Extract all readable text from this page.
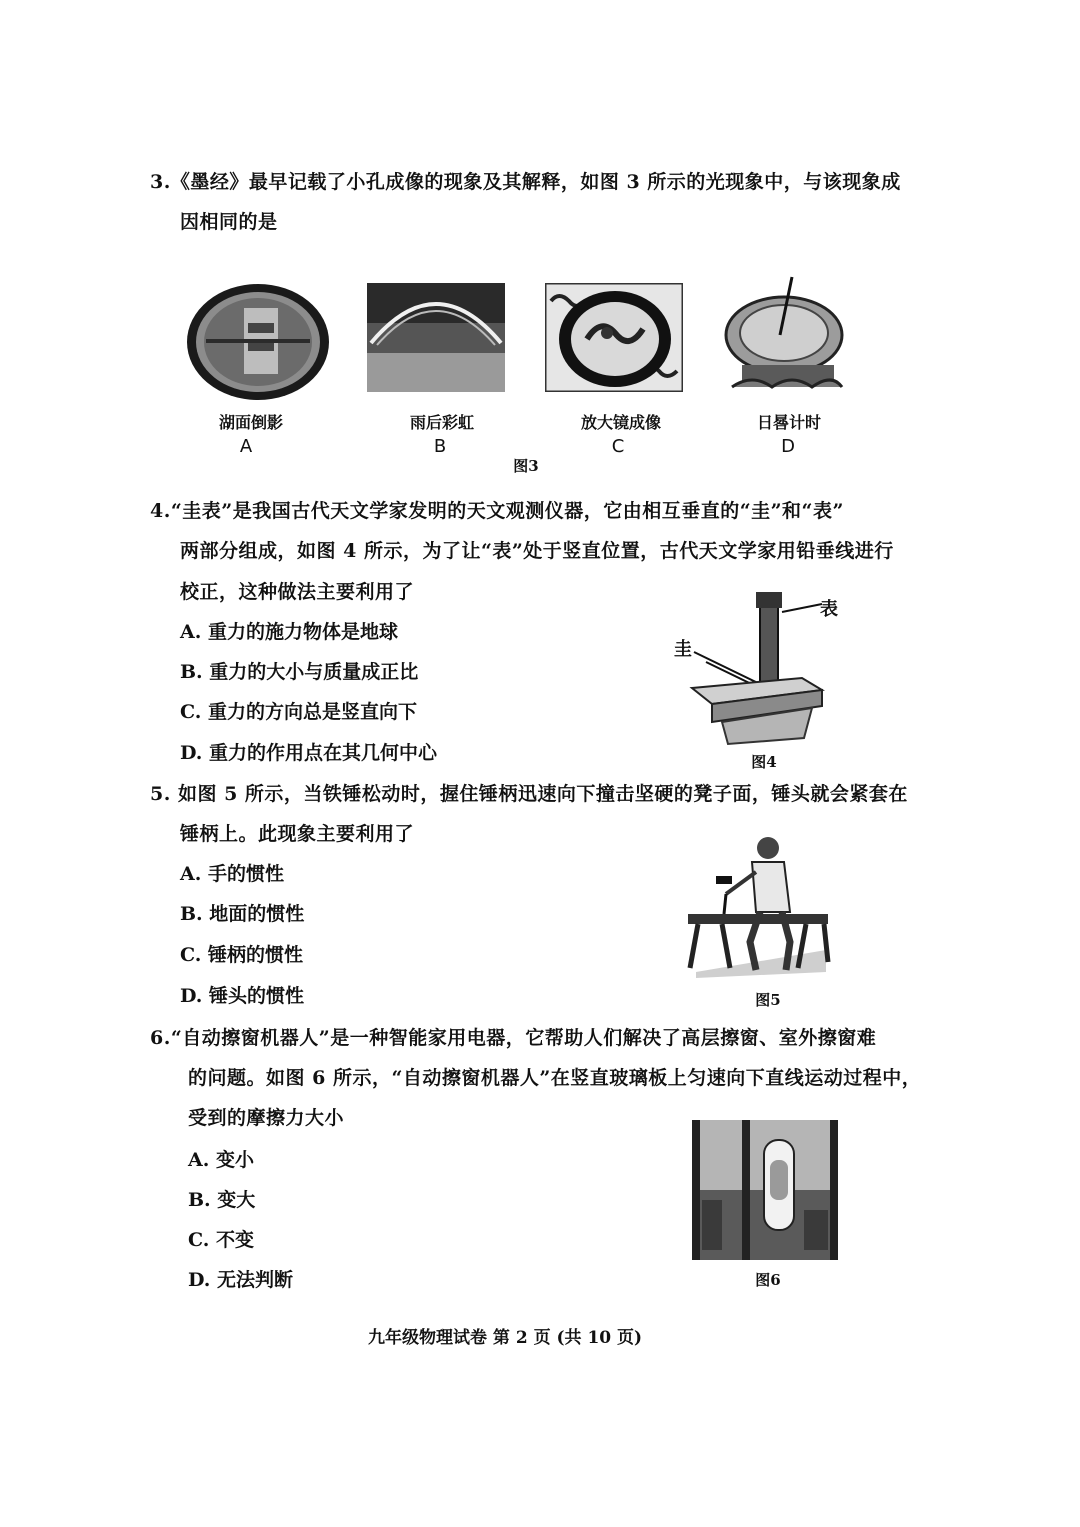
3.《墨经》最早记载了小孔成像的现象及其解释，如图 3 所示的光现象中，与该现象成
因相同的是
湖面倒影
A
雨后彩虹
B
放大镜成像
C
日晷计时
D
图3
4.“圭表”是我国古代天文学家发明的天文观测仪器，它由相互垂直的“圭”和“表”
两部分组成，如图 4 所示，为了让“表”处于竖直位置，古代天文学家用铅垂线进行
校正，这种做法主要利用了
A. 重力的施力物体是地球
B. 重力的大小与质量成正比
C. 重力的方向总是竖直向下
D. 重力的作用点在其几何中心
表
圭
图4
5. 如图 5 所示，当铁锤松动时，握住锤柄迅速向下撞击坚硬的凳子面，锤头就会紧套在
锤柄上。此现象主要利用了
A. 手的惯性
B. 地面的惯性
C. 锤柄的惯性
D. 锤头的惯性	图5
6.“自动擦窗机器人”是一种智能家用电器，它帮助人们解决了高层擦窗、室外擦窗难
的问题。如图 6 所示，“自动擦窗机器人”在竖直玻璃板上匀速向下直线运动过程中，
受到的摩擦力大小
A. 变小
B. 变大
C. 不变
D. 无法判断	图6
九年级物理试卷 第 2 页 (共 10 页)
